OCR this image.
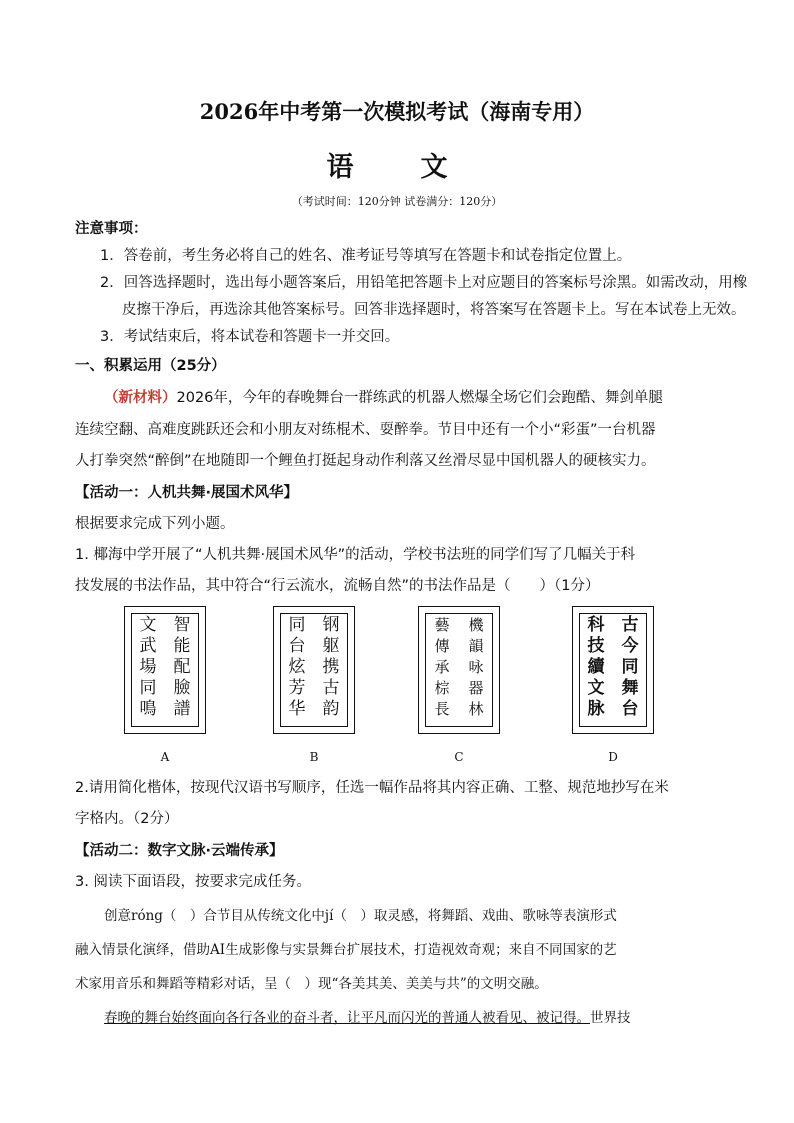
2026年中考第一次模拟考试（海南专用）
语　文
（考试时间：120分钟 试卷满分：120分）
注意事项：
1．答卷前，考生务必将自己的姓名、准考证号等填写在答题卡和试卷指定位置上。
2．回答选择题时，选出每小题答案后，用铅笔把答题卡上对应题目的答案标号涂黑。如需改动，用橡
皮擦干净后，再选涂其他答案标号。回答非选择题时，将答案写在答题卡上。写在本试卷上无效。
3．考试结束后，将本试卷和答题卡一并交回。
一、积累运用（25分）
（新材料）2026年，今年的春晚舞台一群练武的机器人燃爆全场它们会跑酷、舞剑单腿
连续空翻、高难度跳跃还会和小朋友对练棍术、耍醉拳。节目中还有一个小“彩蛋”一台机器
人打拳突然“醉倒”在地随即一个鲤鱼打挺起身动作利落又丝滑尽显中国机器人的硬核实力。
【活动一：人机共舞·展国术风华】
根据要求完成下列小题。
1. 椰海中学开展了“人机共舞·展国术风华”的活动，学校书法班的同学们写了几幅关于科
技发展的书法作品，其中符合“行云流水，流畅自然”的书法作品是（　　）（1分）
智能配臉譜
文武場同鳴
钢躯携古韵
同台炫芳华
機韻咏器林
藝傳承棕長
古今同舞台
科技續文脉
A	B	C	D
2.请用简化楷体，按现代汉语书写顺序，任选一幅作品将其内容正确、工整、规范地抄写在米
字格内。（2分）
【活动二：数字文脉·云端传承】
3. 阅读下面语段，按要求完成任务。
创意róng（　）合节目从传统文化中jí（　）取灵感，将舞蹈、戏曲、歌咏等表演形式
融入情景化演绎，借助AI生成影像与实景舞台扩展技术，打造视效奇观；来自不同国家的艺
术家用音乐和舞蹈等精彩对话，呈（　）现“各美其美、美美与共”的文明交融。
春晚的舞台始终面向各行各业的奋斗者，让平凡而闪光的普通人被看见、被记得。世界技
